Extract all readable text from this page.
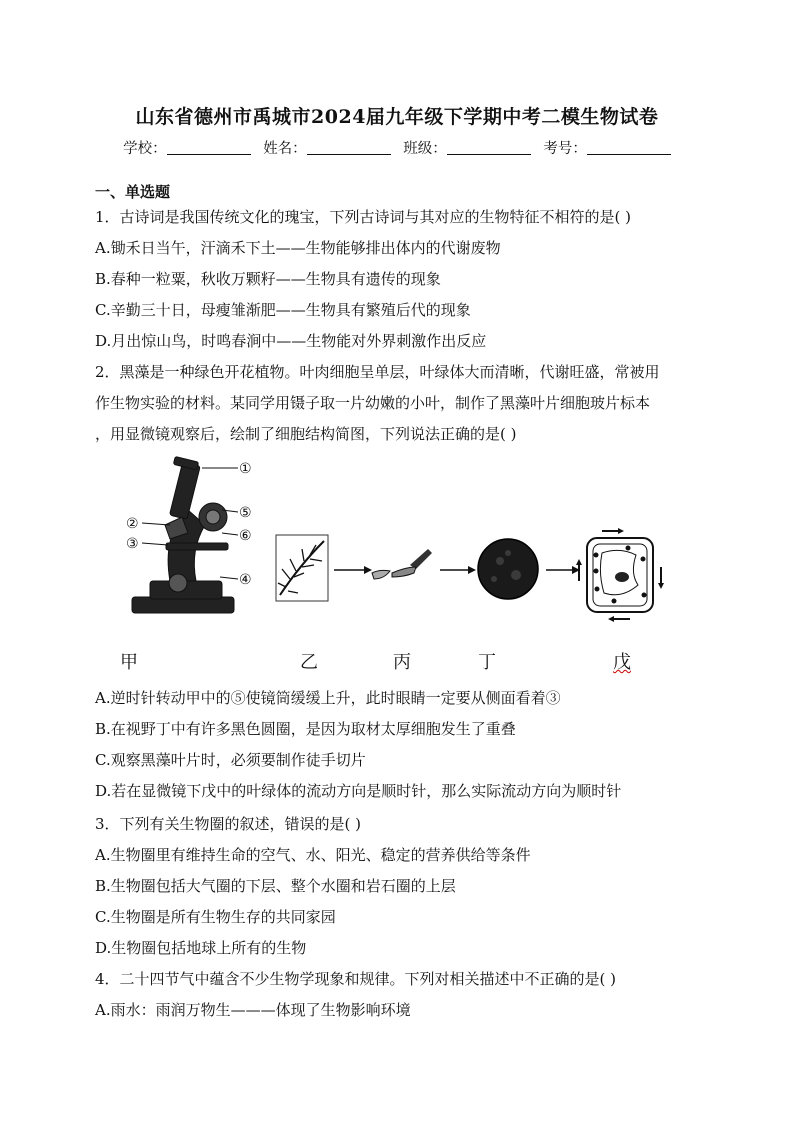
山东省德州市禹城市2024届九年级下学期中考二模生物试卷
学校：	姓名：	班级：	考号：
一、单选题
1．古诗词是我国传统文化的瑰宝，下列古诗词与其对应的生物特征不相符的是( )
A.锄禾日当午，汗滴禾下土——生物能够排出体内的代谢废物
B.春种一粒粟，秋收万颗籽——生物具有遗传的现象
C.辛勤三十日，母瘦雏渐肥——生物具有繁殖后代的现象
D.月出惊山鸟，时鸣春涧中——生物能对外界刺激作出反应
2．黑藻是一种绿色开花植物。叶肉细胞呈单层，叶绿体大而清晰，代谢旺盛，常被用
作生物实验的材料。某同学用镊子取一片幼嫩的小叶，制作了黑藻叶片细胞玻片标本
，用显微镜观察后，绘制了细胞结构简图，下列说法正确的是( )
①
⑤
⑥
④
②
③
甲	乙	丙	丁	戊
A.逆时针转动甲中的⑤使镜筒缓缓上升，此时眼睛一定要从侧面看着③
B.在视野丁中有许多黑色圆圈，是因为取材太厚细胞发生了重叠
C.观察黑藻叶片时，必须要制作徒手切片
D.若在显微镜下戊中的叶绿体的流动方向是顺时针，那么实际流动方向为顺时针
3．下列有关生物圈的叙述，错误的是( )
A.生物圈里有维持生命的空气、水、阳光、稳定的营养供给等条件
B.生物圈包括大气圈的下层、整个水圈和岩石圈的上层
C.生物圈是所有生物生存的共同家园
D.生物圈包括地球上所有的生物
4．二十四节气中蕴含不少生物学现象和规律。下列对相关描述中不正确的是( )
A.雨水：雨润万物生———体现了生物影响环境
